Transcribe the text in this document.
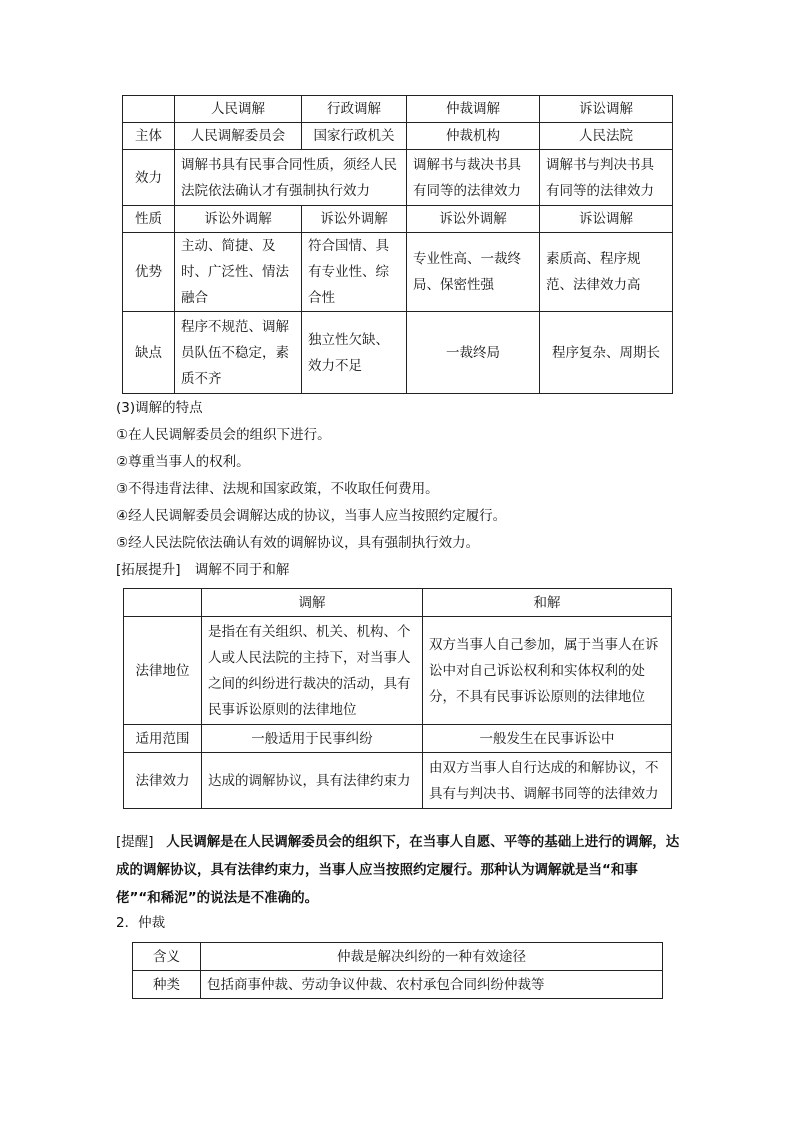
	人民调解	行政调解	仲裁调解	诉讼调解
主体	人民调解委员会	国家行政机关	仲裁机构	人民法院
效力	调解书具有民事合同性质，须经人民法院依法确认才有强制执行效力		调解书与裁决书具有同等的法律效力	调解书与判决书具有同等的法律效力
性质	诉讼外调解	诉讼外调解	诉讼外调解	诉讼调解
优势	主动、简捷、及时、广泛性、情法融合	符合国情、具有专业性、综合性	专业性高、一裁终局、保密性强	素质高、程序规范、法律效力高
缺点	程序不规范、调解员队伍不稳定，素质不齐	独立性欠缺、效力不足	一裁终局	程序复杂、周期长
(3)调解的特点
①在人民调解委员会的组织下进行。
②尊重当事人的权利。
③不得违背法律、法规和国家政策，不收取任何费用。
④经人民调解委员会调解达成的协议，当事人应当按照约定履行。
⑤经人民法院依法确认有效的调解协议，具有强制执行效力。
[拓展提升] 调解不同于和解
	调解	和解
法律地位	是指在有关组织、机关、机构、个人或人民法院的主持下，对当事人之间的纠纷进行裁决的活动，具有民事诉讼原则的法律地位	双方当事人自己参加，属于当事人在诉讼中对自己诉讼权利和实体权利的处分，不具有民事诉讼原则的法律地位
适用范围	一般适用于民事纠纷	一般发生在民事诉讼中
法律效力	达成的调解协议，具有法律约束力	由双方当事人自行达成的和解协议，不具有与判决书、调解书同等的法律效力
[提醒] 人民调解是在人民调解委员会的组织下，在当事人自愿、平等的基础上进行的调解，达成的调解协议，具有法律约束力，当事人应当按照约定履行。那种认为调解就是当“和事佬”“和稀泥”的说法是不准确的。
2．仲裁
含义	仲裁是解决纠纷的一种有效途径
种类	包括商事仲裁、劳动争议仲裁、农村承包合同纠纷仲裁等
